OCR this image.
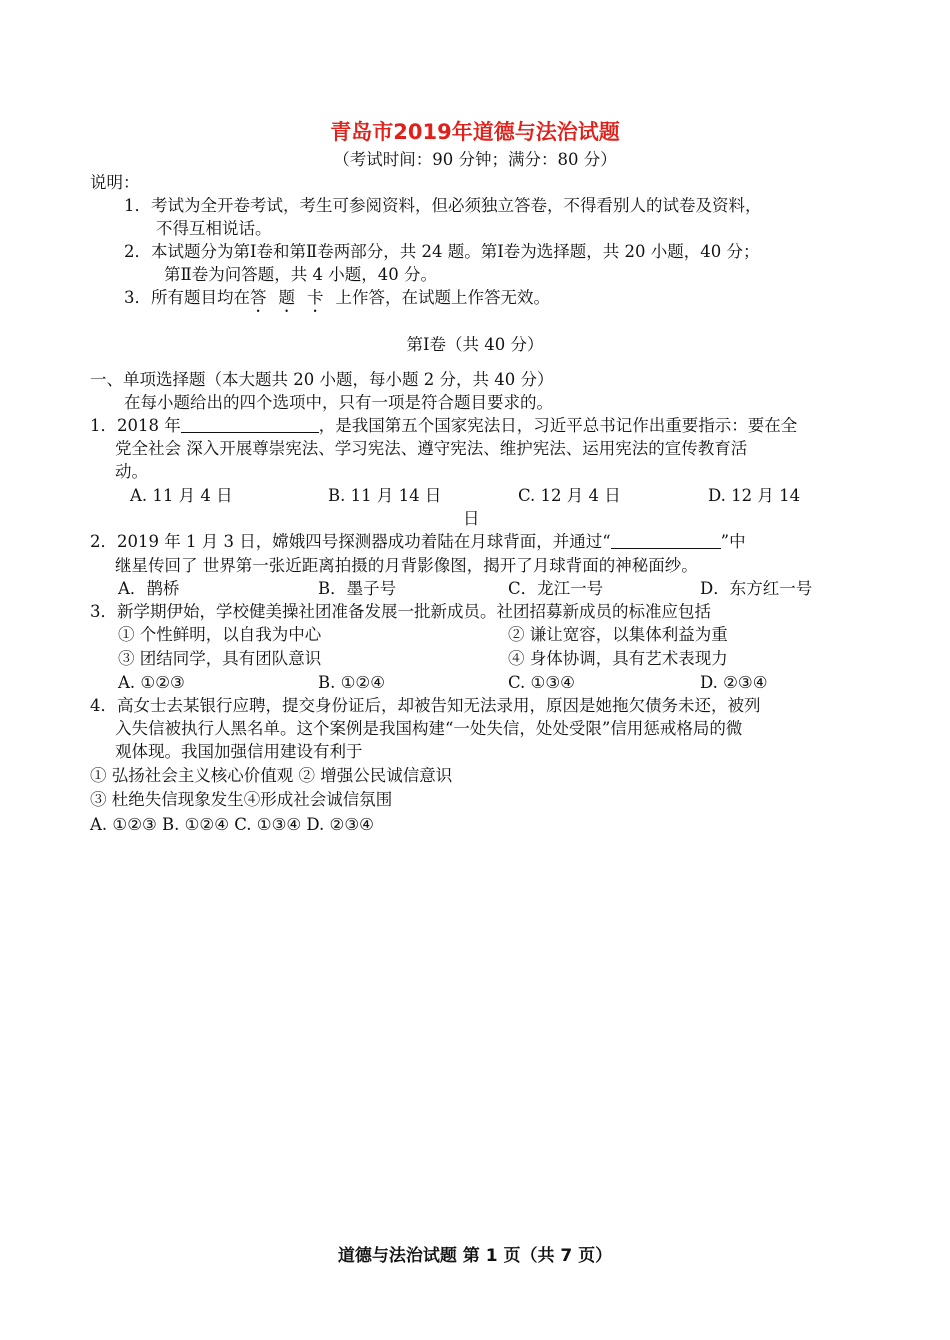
青岛市2019年道德与法治试题
（考试时间：90 分钟；满分：80 分）
说明：
1．考试为全开卷考试，考生可参阅资料，但必须独立答卷，不得看别人的试卷及资料，
不得互相说话。
2．本试题分为第Ⅰ卷和第Ⅱ卷两部分，共 24 题。第Ⅰ卷为选择题，共 20 小题，40 分；
第Ⅱ卷为问答题，共 4 小题，40 分。
3．所有题目均在答题卡上作答，在试题上作答无效。
第Ⅰ卷（共 40 分）
一、单项选择题（本大题共 20 小题，每小题 2 分，共 40 分）
在每小题给出的四个选项中，只有一项是符合题目要求的。
1．2018 年	，是我国第五个国家宪法日，习近平总书记作出重要指示：要在全
党全社会 深入开展尊崇宪法、学习宪法、遵守宪法、维护宪法、运用宪法的宣传教育活
动。
A. 11 月 4 日	B. 11 月 14 日	C. 12 月 4 日	D. 12 月 14
日
2．2019 年 1 月 3 日，嫦娥四号探测器成功着陆在月球背面，并通过“	”中
继星传回了 世界第一张近距离拍摄的月背影像图，揭开了月球背面的神秘面纱。
A．鹊桥	B．墨子号	C．龙江一号	D．东方红一号
3．新学期伊始，学校健美操社团准备发展一批新成员。社团招募新成员的标准应包括
① 个性鲜明，以自我为中心	② 谦让宽容，以集体利益为重
③ 团结同学，具有团队意识	④ 身体协调，具有艺术表现力
A. ①②③	B. ①②④	C. ①③④	D. ②③④
4．高女士去某银行应聘，提交身份证后，却被告知无法录用，原因是她拖欠债务未还，被列
入失信被执行人黑名单。这个案例是我国构建“一处失信，处处受限”信用惩戒格局的微
观体现。我国加强信用建设有利于
① 弘扬社会主义核心价值观 ② 增强公民诚信意识
③ 杜绝失信现象发生④形成社会诚信氛围
A. ①②③ B. ①②④ C. ①③④ D. ②③④
道德与法治试题 第 1 页（共 7 页）
